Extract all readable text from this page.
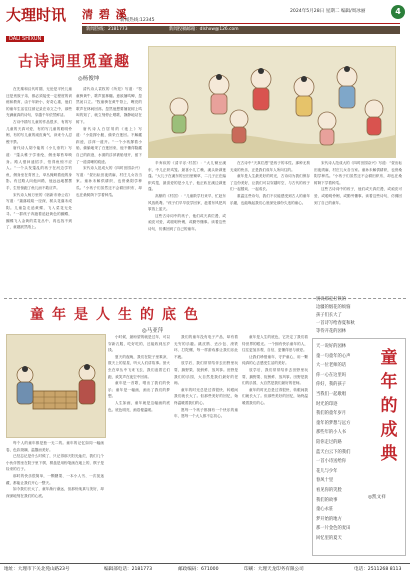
大理时讯
DALI SHIXUN
清 碧 溪
新闻热线:12345
2024年5月28日 星期二 编辑/周冰丽	4
新闻热线：2181773	新闻投稿邮箱：dlshxw@126.com
古诗词里觅童趣
◎杨俊坤

在先秦和汉代时期，无论是平民儿童还是贵族子弟，都必须接受一定程度的训练和教育，由于年龄小，好奇心重，他们的童年生活往往被记录在诗文之中，那些充满童真的诗句，穿越千年依然鲜活。

古诗中描写儿童的作品很多，有的写儿童的天真可爱，有的写儿童的聪明伶俐，有的写儿童的顽皮淘气，读来令人忍俊不禁。

唐代诗人胡令能的《小儿垂钓》写道：“蓬头稚子学垂纶，侧坐莓苔草映身。路人借问遥招手，怕得鱼惊不应人。”一个头发蓬乱的孩子在河边学钓鱼，侧身坐在青苔上，草丛掩映着他的身影。有过路人向他问路，他远远地摆摆手，生怕惊跑了鱼儿而不敢应声。

宋代诗人杨万里的《宿新市徐公店》写道：“篱落疏疏一径深，树头花落未成阴。儿童急走追黄蝶，飞入菜花无处寻。”一群孩子奔跑着追赶黄色的蝴蝶，蝴蝶飞入金黄的菜花丛中，再也找不到了，童趣跃然纸上。

清代诗人袁枚的《所见》写道：“牧童骑黄牛，歌声振林樾。意欲捕鸣蝉，忽然闭口立。”牧童骑在黄牛背上，嘹亮的歌声在林间回荡。忽然他想要捕捉树上鸣叫的知了，就立刻停止唱歌，静静地站在树下。

唐代诗人白居易的《池上》写道：“小娃撑小艇，偷采白莲回。不解藏踪迹，浮萍一道开。”一个小孩撑着小船，偷偷地采了白莲回来，他不懂得隐藏自己的踪迹，水面的浮萍被船划开，留下了一道清晰的痕迹。

宋代诗人范成大的《四时田园杂兴》写道：“昼出耘田夜绩麻，村庄儿女各当家。童孙未解供耕织，也傍桑阴学种瓜。”小孩子们虽然还不会耕田织布，却也在桑树荫下学着种瓜。

辛弃疾的《清平乐·村居》：“大儿锄豆溪东，中儿正织鸡笼。最喜小儿亡赖，溪头卧剥莲蓬。”大儿子在溪东的豆田里锄草，二儿子正在编织鸡笼，最喜爱的是小儿子，他正趴在溪边剥莲蓬。

高鼎的《村居》：“儿童散学归来早，忙趁东风放纸鸢。”孩子们早早放学回家，趁着东风把风筝放上蓝天。

这些古诗词中的孩子，他们或天真烂漫，或顽皮可爱，或聪明伶俐，或勤劳懂事。读着这些诗句，仿佛回到了自己的童年。

在古诗中“天真烂漫”是孩子的本性。那种无拘无束的快乐，正是我们成年人所向往的。

童年是人生最美好的时光，古诗词为我们保存了这份美好，让我们可以穿越时空，与古代的孩子们一起嬉戏、一起成长。

重温这些诗句，我们不仅能感受到古人的童年乐趣，也能唤起我们心底深处那份久违的童心。

宋代诗人范成大的《四时田园杂兴》写道：“昼出耘田夜绩麻，村庄儿女各当家。童孙未解供耕织，也傍桑阴学种瓜。”小孩子们虽然还不会耕田织布，却也在桑树荫下学着种瓜。

这些古诗词中的孩子，他们或天真烂漫，或顽皮可爱，或聪明伶俐，或勤劳懂事。读着这些诗句，仿佛回到了自己的童年。

童年是人生的底色
◎马亚萍

每个人的童年都是独一无二的。童年的记忆如同一幅画卷，色彩斑斓，温馨而美好。

已经忘记是什么时候了，只记得那天阳光灿烂，我们几个小伙伴围坐在院子里下棋，棋盘是用粉笔画在地上的，棋子是捡来的石子。

那时的快乐很简单，一颗糖果、一本小人书、一次捉迷藏，都能让我们开心一整天。

如今我们长大了，童年渐行渐远，但那份纯真与美好，却深深地刻在我们的心底。

小时候，最盼望的就是过年，可以穿新衣服，吃好吃的，还能收到压岁钱。

夏天的夜晚，我们在院子里乘凉，数天上的星星，听大人们讲故事。萤火虫在草丛中飞来飞去，我们追着它们跑，欢笑声在夜空中回荡。

童年是一首歌，唱出了我们的快乐；童年是一幅画，画出了我们的梦想。

人生如画，童年就是这幅画的底色。底色明亮，画卷便温暖。

我们的童年没有电子产品，却有着无穷的乐趣。跳皮筋、丢沙包、滚铁环、打陀螺，每一样游戏都让我们乐此不疲。

放学后，我们常常结伴去田野里玩耍，摘野果、捉蚂蚱、放风筝。田野是我们的乐园，大自然是我们最好的老师。

童年的时光总是过得很快，转眼间我们就长大了。但那些美好的回忆，始终温暖着我们的心。

愿每一个孩子都拥有一个快乐的童年，愿每一个大人都不忘初心。

童年是人生的底色，它决定了我们看待世界的眼光。一个拥有快乐童年的人，往往更加乐观、自信，更懂得爱与被爱。

让我们珍惜童年，守护童心，用一颗纯真的心去感受生活的美好。

放学后，我们常常结伴去田野里玩耍，摘野果、捉蚂蚱、放风筝。田野是我们的乐园，大自然是我们最好的老师。

童年的时光总是过得很快，转眼间我们就长大了。但那些美好的回忆，始终温暖着我们的心。

别说那是打铁的
边疆的烟花的烦恼
孩子们长大了
一首诗写给春夏和秋
等待开花的园林
童
年
的
成
典
◎凯文祥
天一说好的园林
童一句童年的心声
大一位老师的话
你一心在这里吗
你好，我的孩子
当我们一起歌唱
时光的印迹
我们的童年岁月
童年的梦想与远方
那些年的小人书
陪你走过的路
蓝天白云下的我们
一首小诗送给你
花儿与少年
春风十里
看见你的笑脸
我们的故事
童心永驻
梦开始的地方
那一片金色的麦田
回忆里的夏天
地址：大理市下关北苑山路23号	编辑部电话：2181773	邮政编码：671000	印刷：大理天龙印务有限公司	电话：2511268 8113
